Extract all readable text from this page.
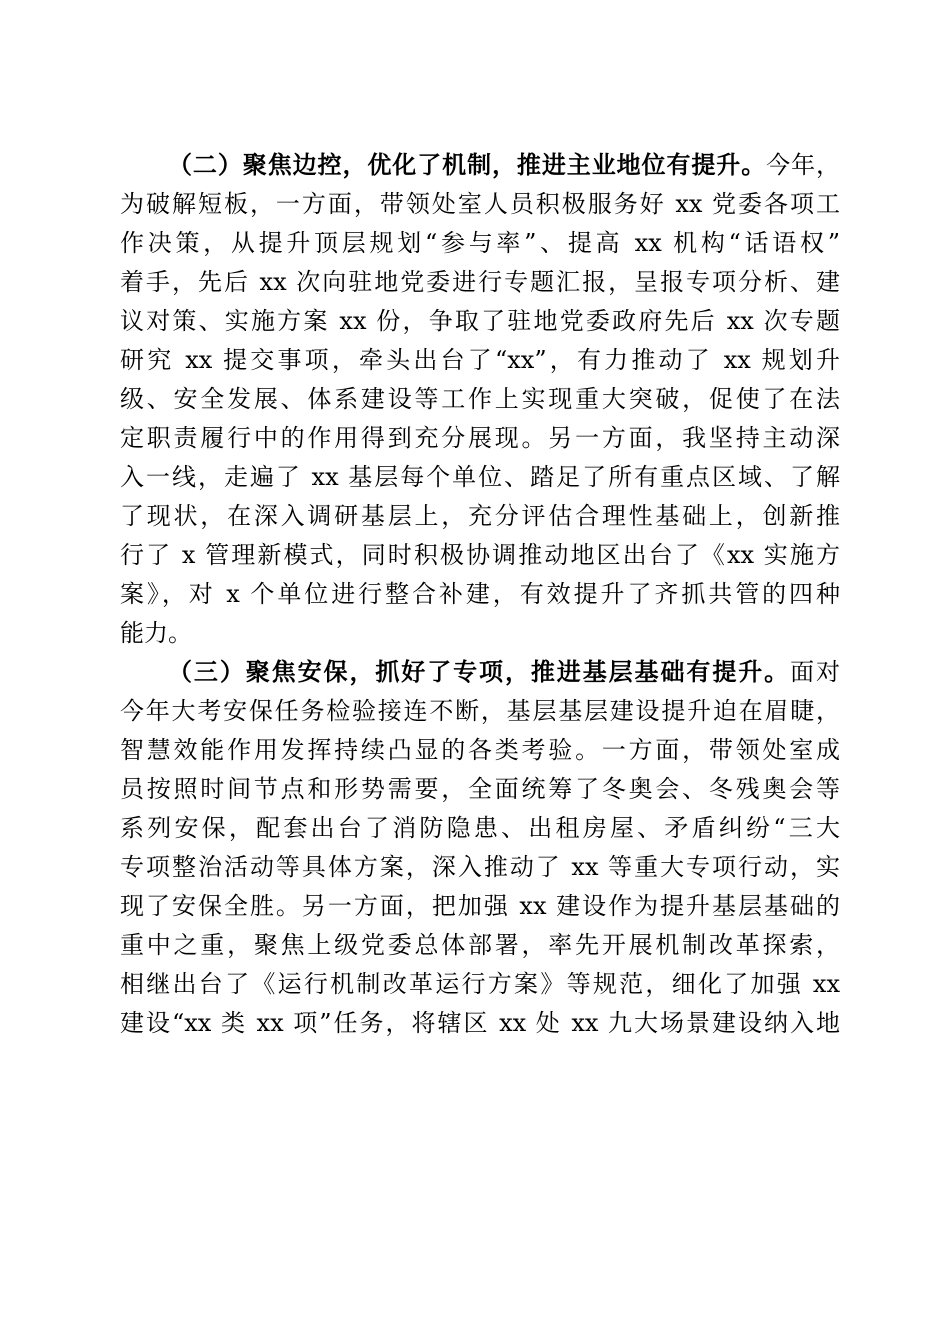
（二）聚焦边控，优化了机制，推进主业地位有提升。今年，
为破解短板，一方面，带领处室人员积极服务好 xx 党委各项工
作决策，从提升顶层规划“参与率”、提高 xx 机构“话语权”
着手，先后 xx 次向驻地党委进行专题汇报，呈报专项分析、建
议对策、实施方案 xx 份，争取了驻地党委政府先后 xx 次专题
研究 xx 提交事项，牵头出台了“xx”，有力推动了 xx 规划升
级、安全发展、体系建设等工作上实现重大突破，促使了在法
定职责履行中的作用得到充分展现。另一方面，我坚持主动深
入一线，走遍了 xx 基层每个单位、踏足了所有重点区域、了解
了现状，在深入调研基层上，充分评估合理性基础上，创新推
行了 x 管理新模式，同时积极协调推动地区出台了《xx 实施方
案》，对 x 个单位进行整合补建，有效提升了齐抓共管的四种
能力。
（三）聚焦安保，抓好了专项，推进基层基础有提升。面对
今年大考安保任务检验接连不断，基层基层建设提升迫在眉睫，
智慧效能作用发挥持续凸显的各类考验。一方面，带领处室成
员按照时间节点和形势需要，全面统筹了冬奥会、冬残奥会等
系列安保，配套出台了消防隐患、出租房屋、矛盾纠纷“三大
专项整治活动等具体方案，深入推动了 xx 等重大专项行动，实
现了安保全胜。另一方面，把加强 xx 建设作为提升基层基础的
重中之重，聚焦上级党委总体部署，率先开展机制改革探索，
相继出台了《运行机制改革运行方案》等规范，细化了加强 xx
建设“xx 类 xx 项”任务，将辖区 xx 处 xx 九大场景建设纳入地
